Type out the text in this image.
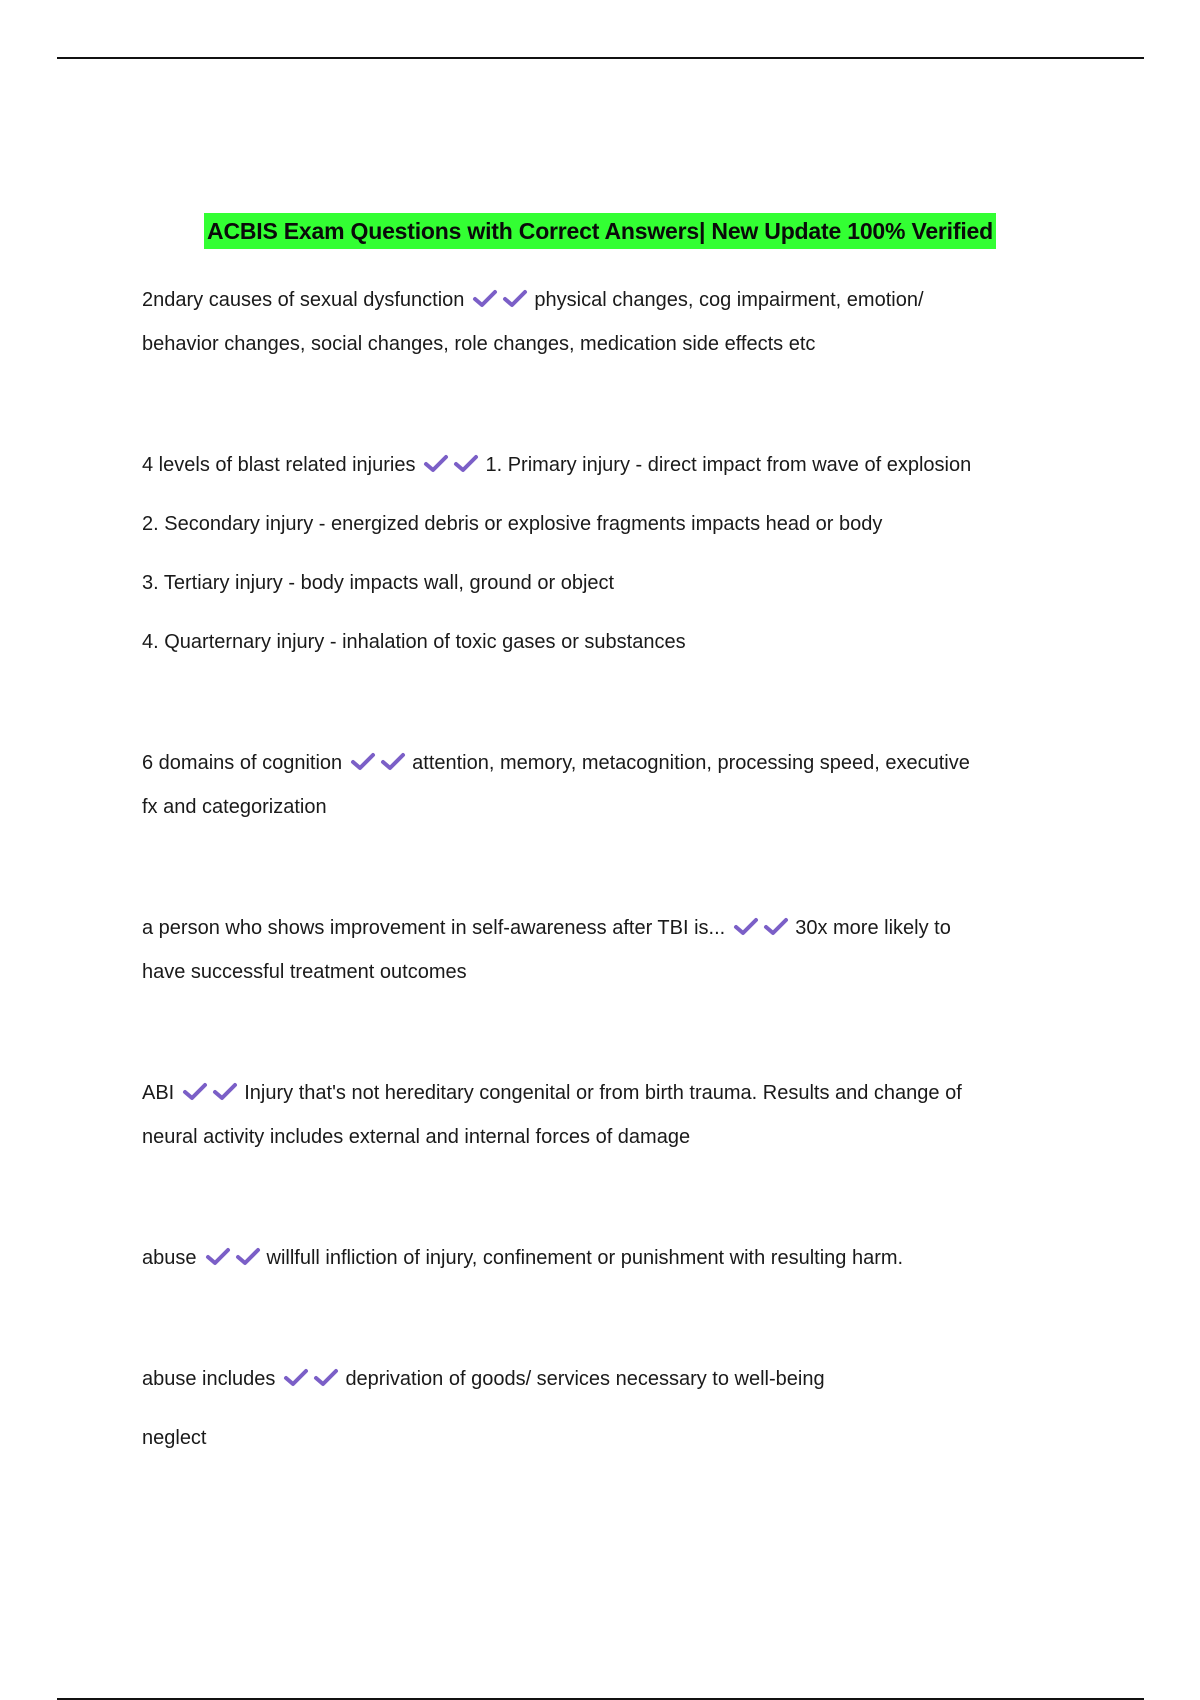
ACBIS Exam Questions with Correct Answers| New Update 100% Verified

2ndary causes of sexual dysfunction	physical changes, cog impairment, emotion/

behavior changes, social changes, role changes, medication side effects etc

4 levels of blast related injuries	1. Primary injury - direct impact from wave of explosion

2. Secondary injury - energized debris or explosive fragments impacts head or body

3. Tertiary injury - body impacts wall, ground or object

4. Quarternary injury - inhalation of toxic gases or substances

6 domains of cognition	attention, memory, metacognition, processing speed, executive

fx and categorization

a person who shows improvement in self-awareness after TBI is...	30x more likely to

have successful treatment outcomes

ABI	Injury that's not hereditary congenital or from birth trauma. Results and change of

neural activity includes external and internal forces of damage

abuse	willfull infliction of injury, confinement or punishment with resulting harm.

abuse includes	deprivation of goods/ services necessary to well-being

neglect
